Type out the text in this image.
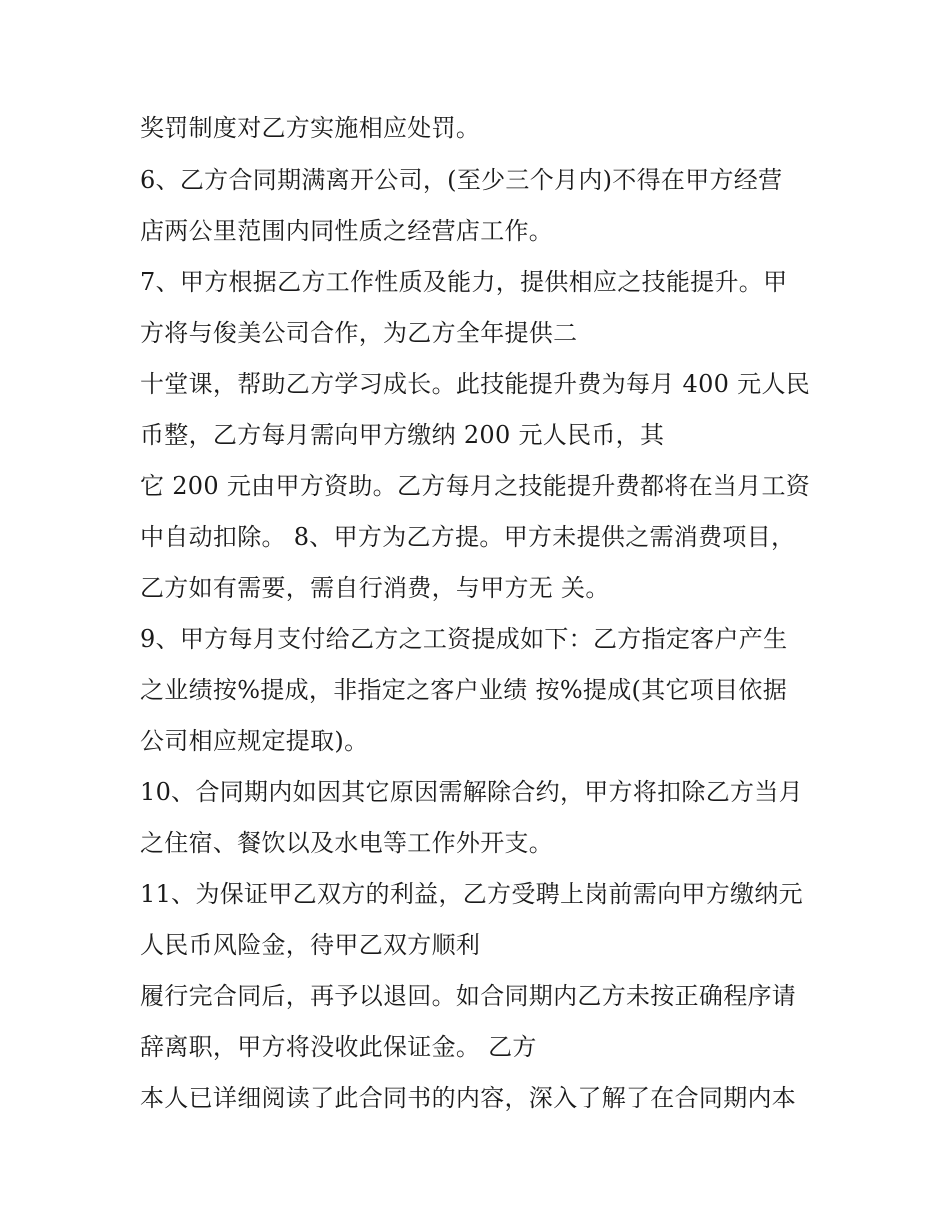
奖罚制度对乙方实施相应处罚。

6、乙方合同期满离开公司，(至少三个月内)不得在甲方经营

店两公里范围内同性质之经营店工作。

7、甲方根据乙方工作性质及能力，提供相应之技能提升。甲

方将与俊美公司合作，为乙方全年提供二

十堂课，帮助乙方学习成长。此技能提升费为每月 400 元人民

币整，乙方每月需向甲方缴纳 200 元人民币，其

它 200 元由甲方资助。乙方每月之技能提升费都将在当月工资

中自动扣除。 8、甲方为乙方提。甲方未提供之需消费项目，

乙方如有需要，需自行消费，与甲方无 关。

9、甲方每月支付给乙方之工资提成如下：乙方指定客户产生

之业绩按%提成，非指定之客户业绩 按%提成(其它项目依据

公司相应规定提取)。

10、合同期内如因其它原因需解除合约，甲方将扣除乙方当月

之住宿、餐饮以及水电等工作外开支。

11、为保证甲乙双方的利益，乙方受聘上岗前需向甲方缴纳元

人民币风险金，待甲乙双方顺利

履行完合同后，再予以退回。如合同期内乙方未按正确程序请

辞离职，甲方将没收此保证金。 乙方

本人已详细阅读了此合同书的内容，深入了解了在合同期内本
